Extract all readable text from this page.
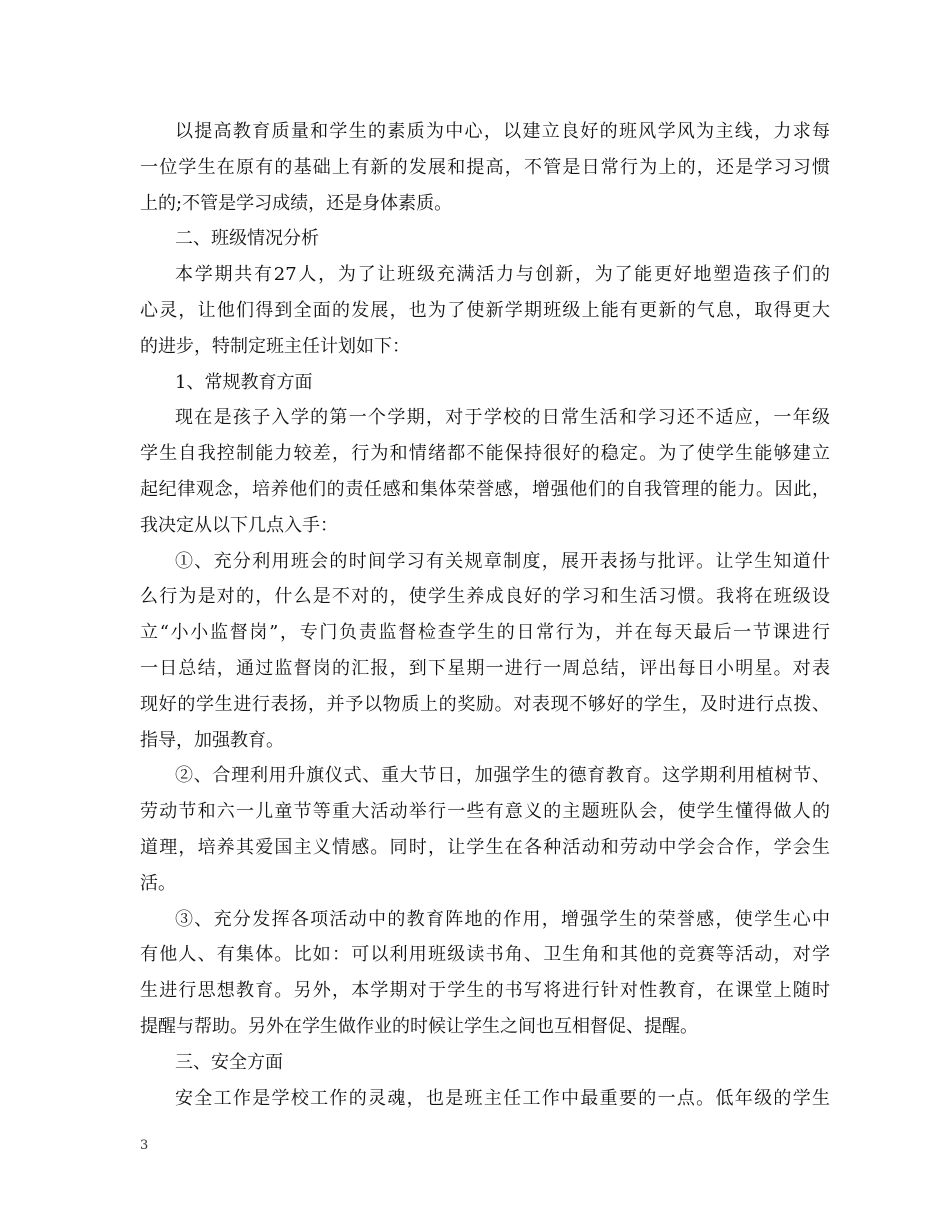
以提高教育质量和学生的素质为中心，以建立良好的班风学风为主线，力求每
一位学生在原有的基础上有新的发展和提高，不管是日常行为上的，还是学习习惯
上的;不管是学习成绩，还是身体素质。
二、班级情况分析
本学期共有27人，为了让班级充满活力与创新，为了能更好地塑造孩子们的
心灵，让他们得到全面的发展，也为了使新学期班级上能有更新的气息，取得更大
的进步，特制定班主任计划如下：
1、常规教育方面
现在是孩子入学的第一个学期，对于学校的日常生活和学习还不适应，一年级
学生自我控制能力较差，行为和情绪都不能保持很好的稳定。为了使学生能够建立
起纪律观念，培养他们的责任感和集体荣誉感，增强他们的自我管理的能力。因此，
我决定从以下几点入手：
①、充分利用班会的时间学习有关规章制度，展开表扬与批评。让学生知道什
么行为是对的，什么是不对的，使学生养成良好的学习和生活习惯。我将在班级设
立“小小监督岗”，专门负责监督检查学生的日常行为，并在每天最后一节课进行
一日总结，通过监督岗的汇报，到下星期一进行一周总结，评出每日小明星。对表
现好的学生进行表扬，并予以物质上的奖励。对表现不够好的学生，及时进行点拨、
指导，加强教育。
②、合理利用升旗仪式、重大节日，加强学生的德育教育。这学期利用植树节、
劳动节和六一儿童节等重大活动举行一些有意义的主题班队会，使学生懂得做人的
道理，培养其爱国主义情感。同时，让学生在各种活动和劳动中学会合作，学会生
活。
③、充分发挥各项活动中的教育阵地的作用，增强学生的荣誉感，使学生心中
有他人、有集体。比如：可以利用班级读书角、卫生角和其他的竞赛等活动，对学
生进行思想教育。另外，本学期对于学生的书写将进行针对性教育，在课堂上随时
提醒与帮助。另外在学生做作业的时候让学生之间也互相督促、提醒。
三、安全方面
安全工作是学校工作的灵魂，也是班主任工作中最重要的一点。低年级的学生
3
